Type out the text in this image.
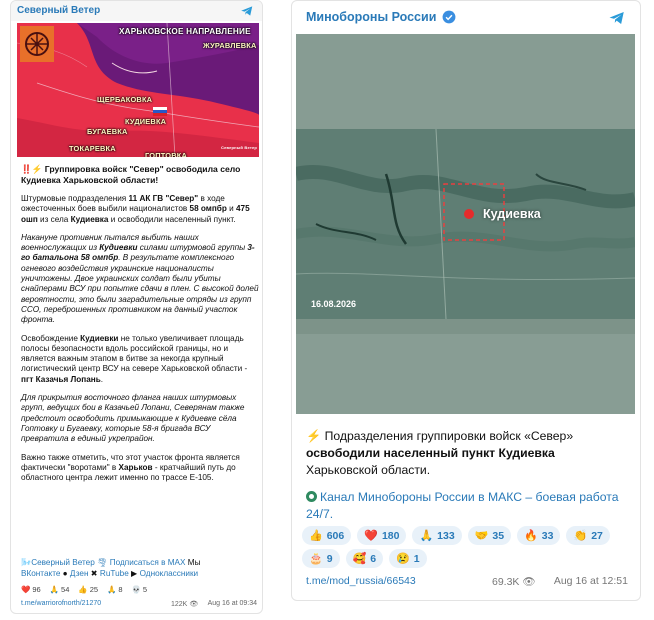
Северный Ветер
ХАРЬКОВСКОЕ НАПРАВЛЕНИЕ
ЖУРАВЛЕВКА
ЩЕРБАКОВКА
КУДИЕВКА
БУГАЕВКА
ТОКАРЕВКА
ГОПТОВКА
Северный Ветер

‼️⚡ Группировка войск "Север" освободила село Кудиевка Харьковской области!

Штурмовые подразделения 11 АК ГВ "Север" в ходе ожесточенных боев выбили националистов 58 омпбр и 475 ошп из села Кудиевка и освободили населенный пункт.

Накануне противник пытался выбить наших военнослужащих из Кудиевки силами штурмовой группы 3-го батальона 58 омпбр. В результате комплексного огневого воздействия украинские националисты уничтожены. Двое украинских солдат были убиты снайперами ВСУ при попытке сдачи в плен. С высокой долей вероятности, это были заградительные отряды из групп ССО, переброшенных противником на данный участок фронта.

Освобождение Кудиевки не только увеличивает площадь полосы безопасности вдоль российской границы, но и является важным этапом в битве за некогда крупный логистический центр ВСУ на севере Харьковской области - пгт Казачья Лопань.

Для прикрытия восточного фланга наших штурмовых групп, ведущих бои в Казачьей Лопани, Северянам также предстоит освободить примыкающие к Кудиевке сёла Гоптовку и Бугаевку, которые 58-я бригада ВСУ превратила в единый укрепрайон.

Важно также отметить, что этот участок фронта является фактически "воротами" в Харьков - кратчайший путь до областного центра лежит именно по трассе Е-105.

🌬️Северный Ветер 🌪 Подписаться в MAX Мы
ВКонтакте ● Дзен ✖ RuTube ▶ Одноклассники
❤️ 96 🙏 54 👍 25 🙏 8 💀 5
t.me/warriorofnorth/21270	122K 👁 Aug 16 at 09:34
Минобороны России
Кудиевка
16.08.2026
⚡ Подразделения группировки войск «Север» освободили населенный пункт Кудиевка Харьковской области.
Канал Минобороны России в МАКС – боевая работа 24/7.
👍 606 ❤️ 180 🙏 133 🤝 35 🔥 33 👏 27
🎂 9 🥰 6 😢 1
t.me/mod_russia/66543	69.3K 👁 Aug 16 at 12:51
